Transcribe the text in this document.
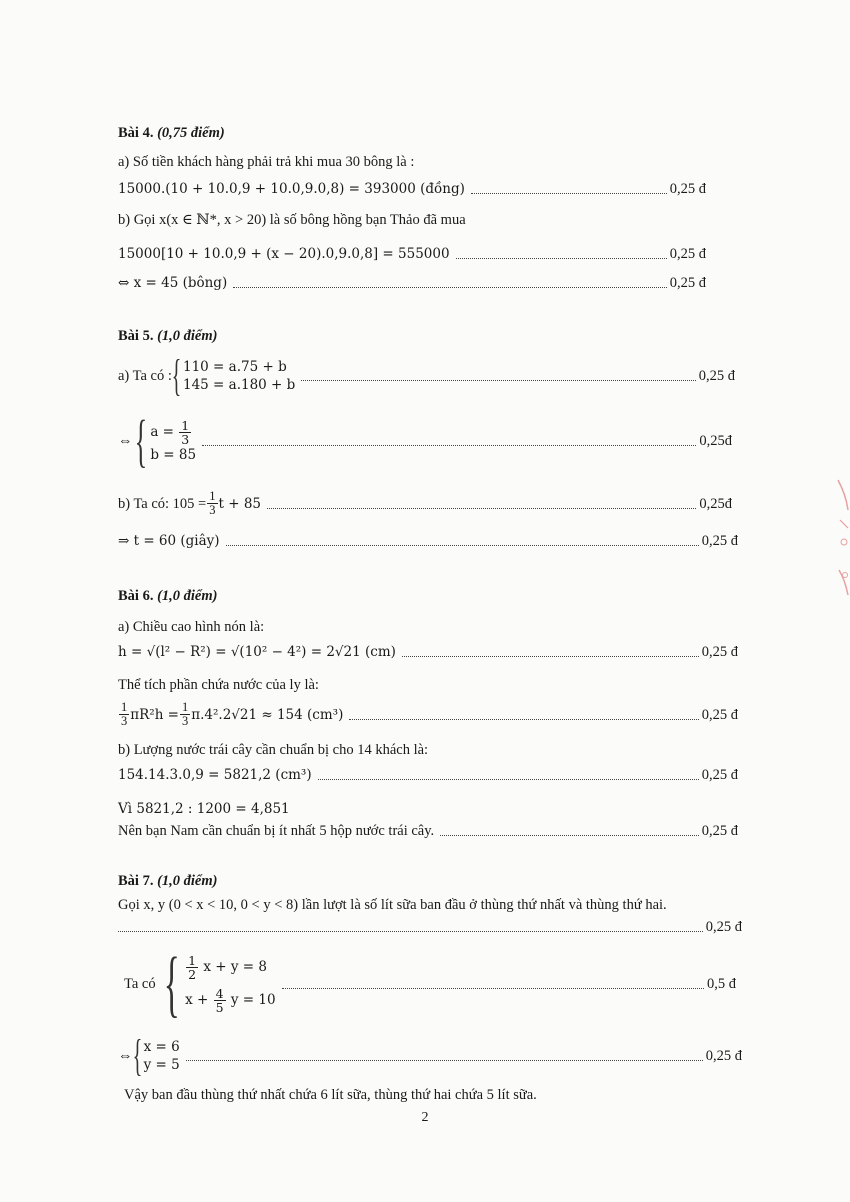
Bài 4. (0,75 điểm)
a) Số tiền khách hàng phải trả khi mua 30 bông là :
15000.(10 + 10.0,9 + 10.0,9.0,8) = 393000 (đồng)	0,25 đ
b) Gọi x(x ∈ ℕ*, x > 20) là số bông hồng bạn Thảo đã mua
15000[10 + 10.0,9 + (x − 20).0,9.0,8] = 555000	0,25 đ
⇔ x = 45 (bông)	0,25 đ
Bài 5. (1,0 điểm)
a) Ta có : { 110 = a.75 + b
145 = a.180 + b
0,25 đ
⇔ { $a = \frac{1}{3}$
b = 85
0,25đ
b) Ta có: $105 = \frac{1}{3}$ t + 85	0,25đ
⇒ t = 60 (giây)	0,25 đ
Bài 6. (1,0 điểm)
a) Chiều cao hình nón là:
h = √(l² − R²) = √(10² − 4²) = 2√21 (cm)	0,25 đ
Thể tích phần chứa nước của ly là:
$\frac{1}{3} \pi R^2h = \frac{1}{3} \pi.4^2.2√21 \approx 154$ (cm³)	0,25 đ
b) Lượng nước trái cây cần chuẩn bị cho 14 khách là:
154.14.3.0,9 = 5821,2 (cm³)	0,25 đ
Vì 5821,2 : 1200 = 4,851
Nên bạn Nam cần chuẩn bị ít nhất 5 hộp nước trái cây.	0,25 đ
Bài 7. (1,0 điểm)
Gọi x, y (0 < x < 10, 0 < y < 8) lần lượt là số lít sữa ban đầu ở thùng thứ nhất và thùng thứ hai.
0,25 đ
Ta có { $\frac{1}{2}$ x + y = 8
$x + \frac{4}{5}$ y = 10
0,5 đ
⇔ { x = 6
y = 5
0,25 đ
Vậy ban đầu thùng thứ nhất chứa 6 lít sữa, thùng thứ hai chứa 5 lít sữa.
2
